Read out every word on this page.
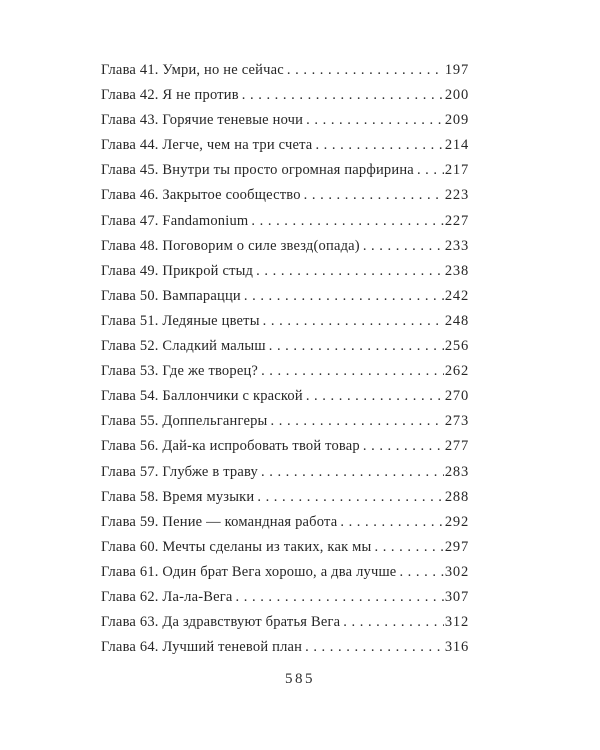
Глава 41. Умри, но не сейчас .....	197
Глава 42. Я не против .....	200
Глава 43. Горячие теневые ночи .....	209
Глава 44. Легче, чем на три счета .....	214
Глава 45. Внутри ты просто огромная парфирина ..... 217
Глава 46. Закрытое сообщество .....	223
Глава 47. Fandamonium .....	227
Глава 48. Поговорим о силе звезд(опада) .....	233
Глава 49. Прикрой стыд .....	238
Глава 50. Вампарацци .....	242
Глава 51. Ледяные цветы .....	248
Глава 52. Сладкий малыш .....	256
Глава 53. Где же творец? .....	262
Глава 54. Баллончики с краской .....	270
Глава 55. Доппельгангеры .....	273
Глава 56. Дай-ка испробовать твой товар .....	277
Глава 57. Глубже в траву .....	283
Глава 58. Время музыки .....	288
Глава 59. Пение — командная работа .....	292
Глава 60. Мечты сделаны из таких, как мы .....	297
Глава 61. Один брат Вега хорошо, а два лучше .....	302
Глава 62. Ла-ла-Вега .....	307
Глава 63. Да здравствуют братья Вега .....	312
Глава 64. Лучший теневой план .....	316
585
